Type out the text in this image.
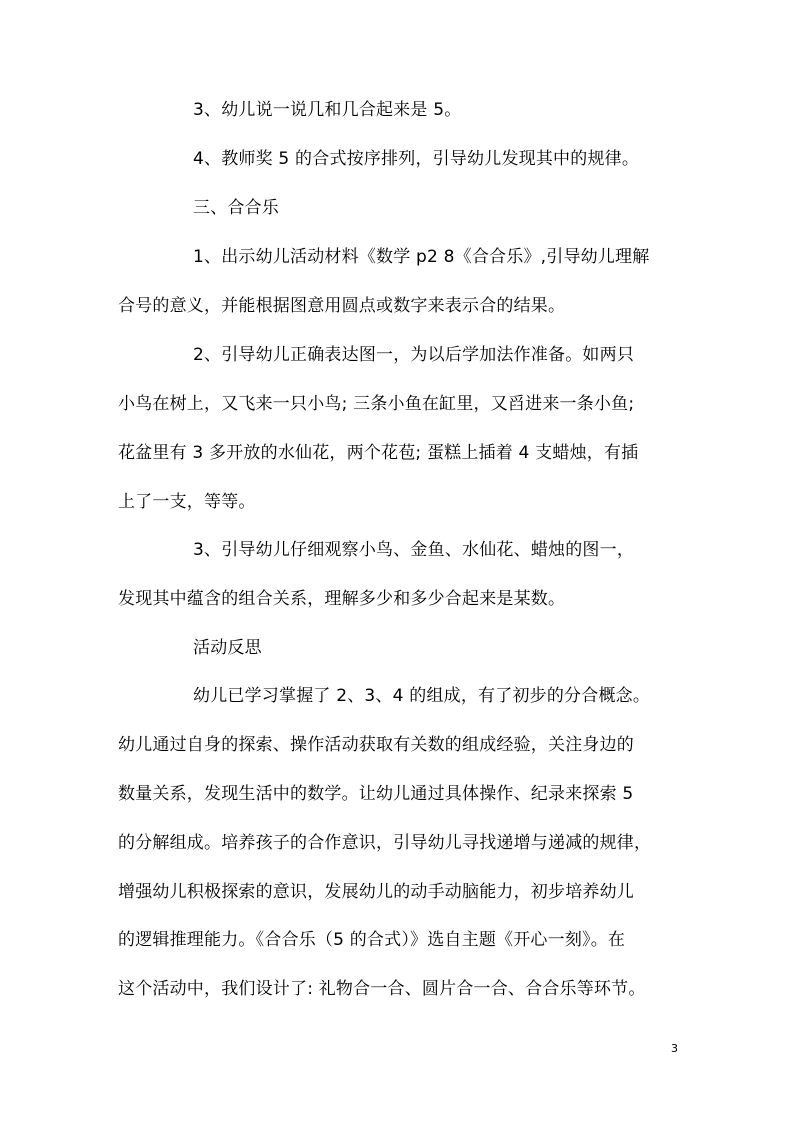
3、幼儿说一说几和几合起来是 5。
4、教师奖 5 的合式按序排列，引导幼儿发现其中的规律。
三、合合乐
1、出示幼儿活动材料《数学 p2 8《合合乐》,引导幼儿理解
合号的意义，并能根据图意用圆点或数字来表示合的结果。
2、引导幼儿正确表达图一，为以后学加法作准备。如两只
小鸟在树上，又飞来一只小鸟; 三条小鱼在缸里，又舀进来一条小鱼;
花盆里有 3 多开放的水仙花，两个花苞; 蛋糕上插着 4 支蜡烛，有插
上了一支，等等。
3、引导幼儿仔细观察小鸟、金鱼、水仙花、蜡烛的图一，
发现其中蕴含的组合关系，理解多少和多少合起来是某数。
活动反思
幼儿已学习掌握了 2、3、4 的组成，有了初步的分合概念。
幼儿通过自身的探索、操作活动获取有关数的组成经验，关注身边的
数量关系，发现生活中的数学。让幼儿通过具体操作、纪录来探索 5
的分解组成。培养孩子的合作意识，引导幼儿寻找递增与递减的规律，
增强幼儿积极探索的意识，发展幼儿的动手动脑能力，初步培养幼儿
的逻辑推理能力。《合合乐（5 的合式）》选自主题《开心一刻》。在
这个活动中，我们设计了: 礼物合一合、圆片合一合、合合乐等环节。
3
